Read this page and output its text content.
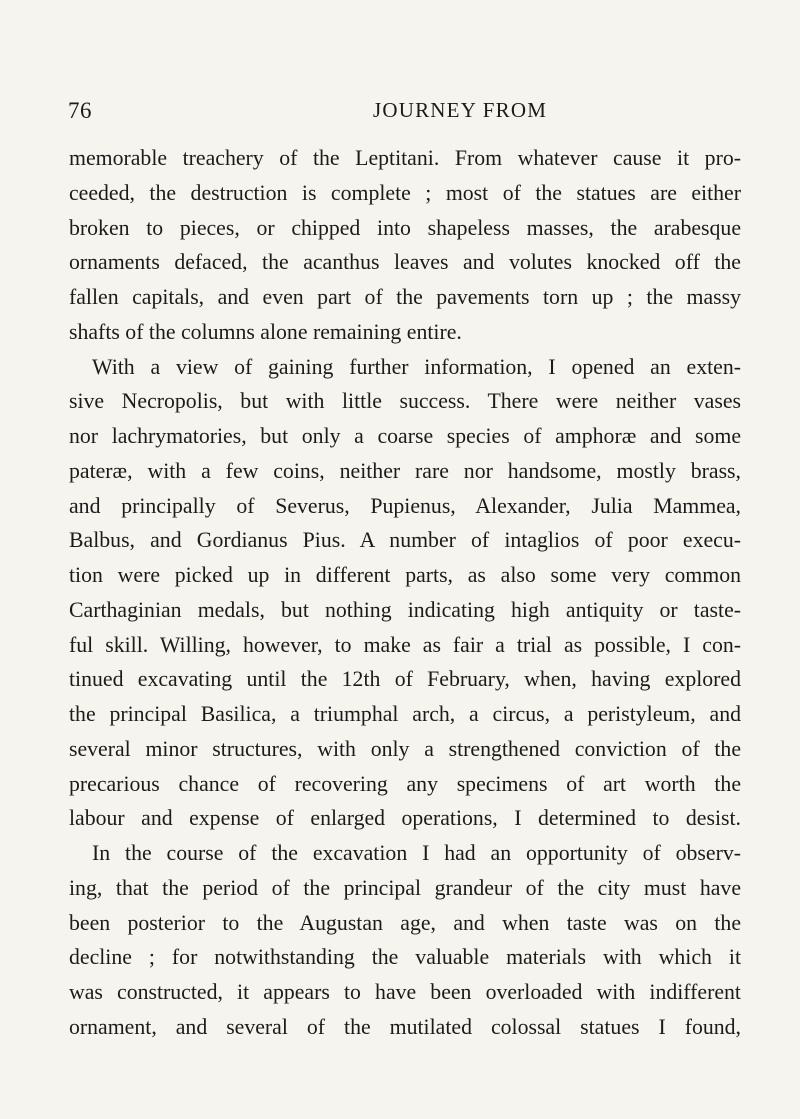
76	JOURNEY FROM
memorable treachery of the Leptitani. From whatever cause it pro-
ceeded, the destruction is complete ; most of the statues are either
broken to pieces, or chipped into shapeless masses, the arabesque
ornaments defaced, the acanthus leaves and volutes knocked off the
fallen capitals, and even part of the pavements torn up ; the massy
shafts of the columns alone remaining entire.
With a view of gaining further information, I opened an exten-
sive Necropolis, but with little success. There were neither vases
nor lachrymatories, but only a coarse species of amphoræ and some
pateræ, with a few coins, neither rare nor handsome, mostly brass,
and principally of Severus, Pupienus, Alexander, Julia Mammea,
Balbus, and Gordianus Pius. A number of intaglios of poor execu-
tion were picked up in different parts, as also some very common
Carthaginian medals, but nothing indicating high antiquity or taste-
ful skill. Willing, however, to make as fair a trial as possible, I con-
tinued excavating until the 12th of February, when, having explored
the principal Basilica, a triumphal arch, a circus, a peristyleum, and
several minor structures, with only a strengthened conviction of the
precarious chance of recovering any specimens of art worth the
labour and expense of enlarged operations, I determined to desist.
In the course of the excavation I had an opportunity of observ-
ing, that the period of the principal grandeur of the city must have
been posterior to the Augustan age, and when taste was on the
decline ; for notwithstanding the valuable materials with which it
was constructed, it appears to have been overloaded with indifferent
ornament, and several of the mutilated colossal statues I found,
